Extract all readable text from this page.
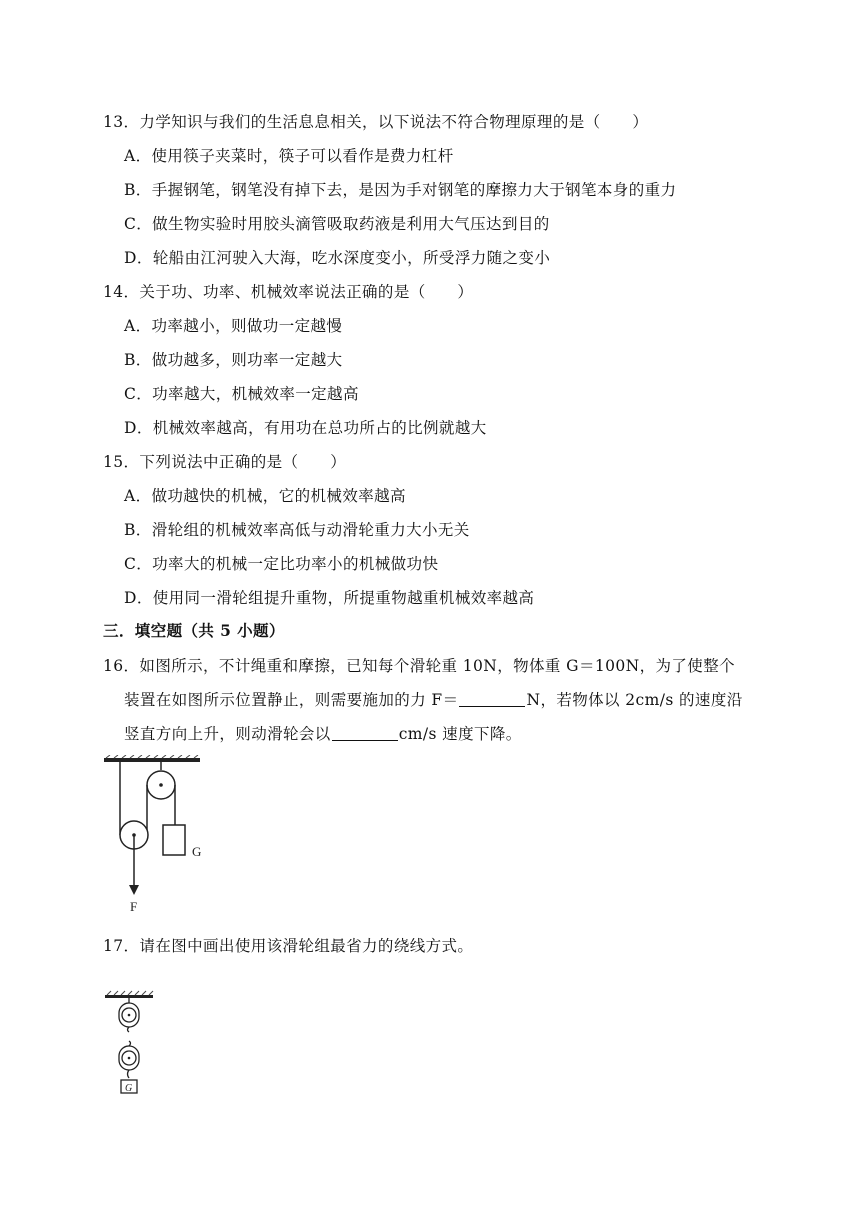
13．力学知识与我们的生活息息相关，以下说法不符合物理原理的是（　　）
A．使用筷子夹菜时，筷子可以看作是费力杠杆
B．手握钢笔，钢笔没有掉下去，是因为手对钢笔的摩擦力大于钢笔本身的重力
C．做生物实验时用胶头滴管吸取药液是利用大气压达到目的
D．轮船由江河驶入大海，吃水深度变小，所受浮力随之变小
14．关于功、功率、机械效率说法正确的是（　　）
A．功率越小，则做功一定越慢
B．做功越多，则功率一定越大
C．功率越大，机械效率一定越高
D．机械效率越高，有用功在总功所占的比例就越大
15．下列说法中正确的是（　　）
A．做功越快的机械，它的机械效率越高
B．滑轮组的机械效率高低与动滑轮重力大小无关
C．功率大的机械一定比功率小的机械做功快
D．使用同一滑轮组提升重物，所提重物越重机械效率越高
三．填空题（共 5 小题）
16．如图所示，不计绳重和摩擦，已知每个滑轮重 10N，物体重 G＝100N，为了使整个
装置在如图所示位置静止，则需要施加的力 F＝	N，若物体以 2cm/s 的速度沿
竖直方向上升，则动滑轮会以	cm/s 速度下降。
G
F
17．请在图中画出使用该滑轮组最省力的绕线方式。
G
